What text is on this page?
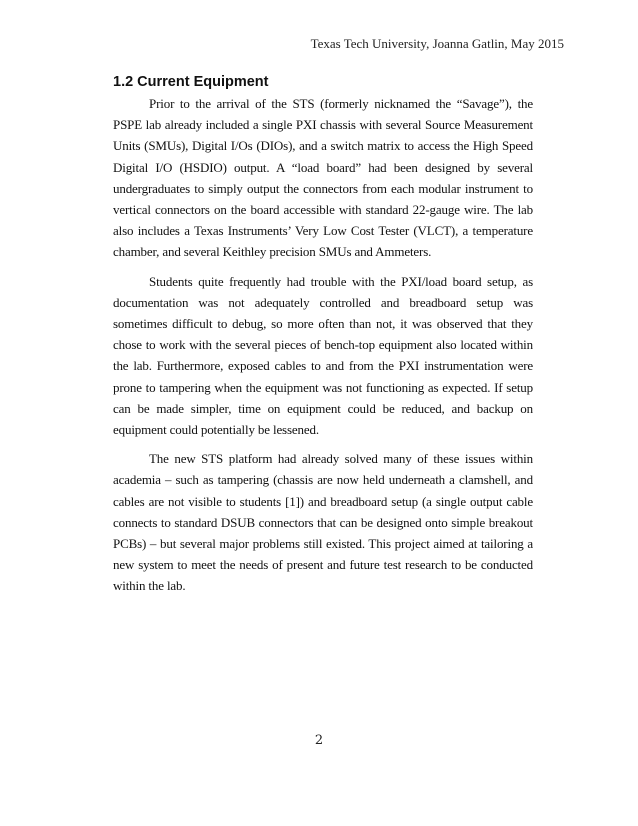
Texas Tech University, Joanna Gatlin, May 2015
1.2 Current Equipment

Prior to the arrival of the STS (formerly nicknamed the “Savage”), the PSPE lab already included a single PXI chassis with several Source Measurement Units (SMUs), Digital I/Os (DIOs), and a switch matrix to access the High Speed Digital I/O (HSDIO) output. A “load board” had been designed by several undergraduates to simply output the connectors from each modular instrument to vertical connectors on the board accessible with standard 22-gauge wire. The lab also includes a Texas Instruments’ Very Low Cost Tester (VLCT), a temperature chamber, and several Keithley precision SMUs and Ammeters.

Students quite frequently had trouble with the PXI/load board setup, as documentation was not adequately controlled and breadboard setup was sometimes difficult to debug, so more often than not, it was observed that they chose to work with the several pieces of bench-top equipment also located within the lab. Furthermore, exposed cables to and from the PXI instrumentation were prone to tampering when the equipment was not functioning as expected. If setup can be made simpler, time on equipment could be reduced, and backup on equipment could potentially be lessened.

The new STS platform had already solved many of these issues within academia – such as tampering (chassis are now held underneath a clamshell, and cables are not visible to students [1]) and breadboard setup (a single output cable connects to standard DSUB connectors that can be designed onto simple breakout PCBs) – but several major problems still existed. This project aimed at tailoring a new system to meet the needs of present and future test research to be conducted within the lab.

2
